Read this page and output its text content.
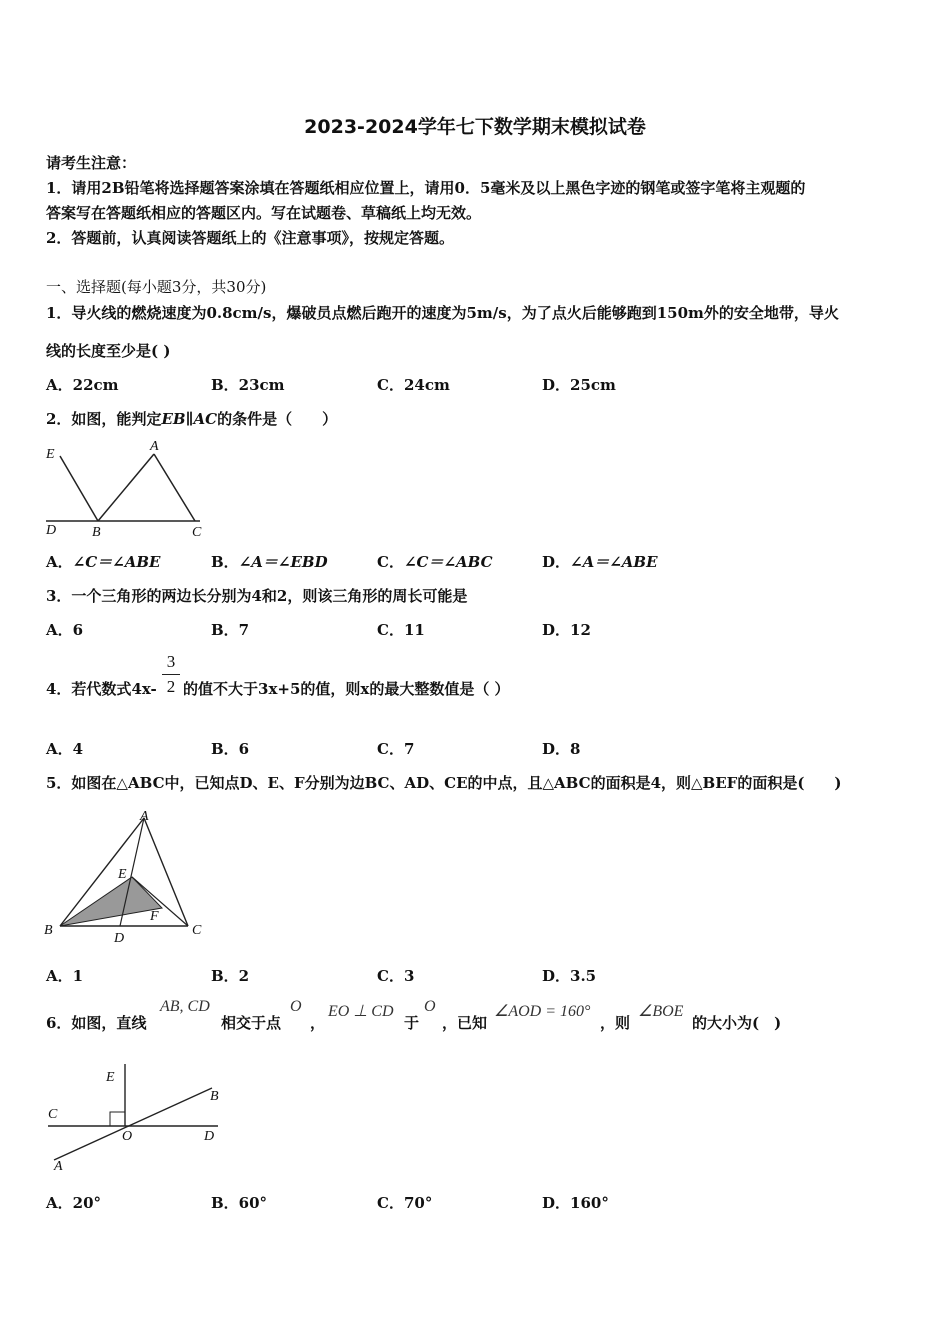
2023-2024学年七下数学期末模拟试卷
请考生注意：
1．请用2B铅笔将选择题答案涂填在答题纸相应位置上，请用0．5毫米及以上黑色字迹的钢笔或签字笔将主观题的
答案写在答题纸相应的答题区内。写在试题卷、草稿纸上均无效。
2．答题前，认真阅读答题纸上的《注意事项》，按规定答题。
一、选择题(每小题3分，共30分)
1．导火线的燃烧速度为0.8cm/s，爆破员点燃后跑开的速度为5m/s，为了点火后能够跑到150m外的安全地带，导火
线的长度至少是( )
A．22cm	B．23cm	C．24cm	D．25cm
2．如图，能判定EB∥AC的条件是（　　）
E
A
D	B	C
A．∠C＝∠ABE	B．∠A＝∠EBD	C．∠C＝∠ABC	D．∠A＝∠ABE
3．一个三角形的两边长分别为4和2，则该三角形的周长可能是
A．6	B．7	C．11	D．12
4．若代数式4x-
3
2 的值不大于3x+5的值，则x的最大整数值是（ ）
A．4	B．6	C．7	D．8
5．如图在△ABC中，已知点D、E、F分别为边BC、AD、CE的中点，且△ABC的面积是4，则△BEF的面积是(　　)
A
E
F
B
D
C
A．1	B．2	C．3	D．3.5
6．如图，直线
AB, CD
相交于点
O
，
EO ⊥ CD
于
O
，已知
∠AOD = 160°
，则
∠BOE
的大小为(　)
E
B
C
O	D
A
A．20°	B．60°	C．70°	D．160°
